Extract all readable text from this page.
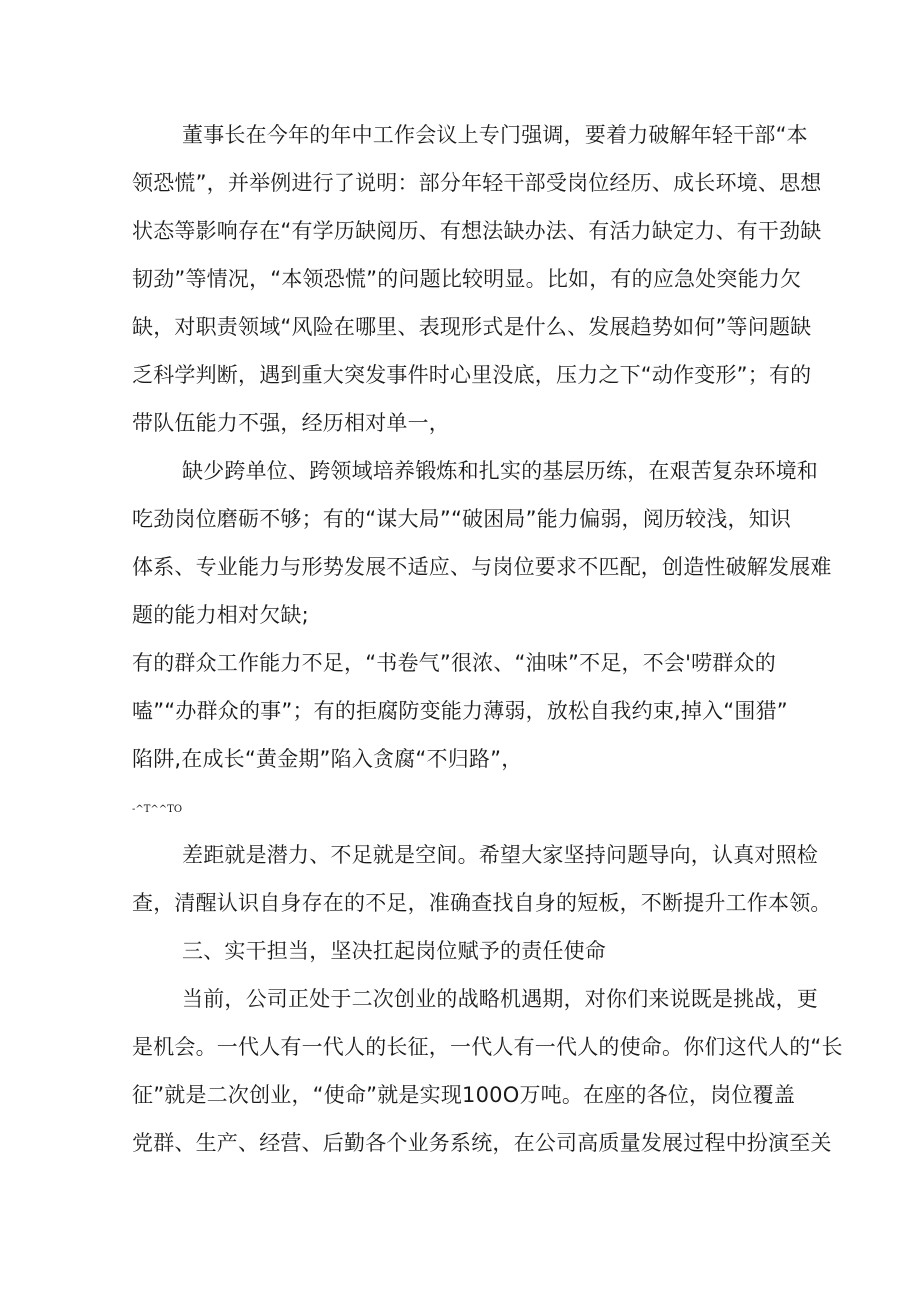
董事长在今年的年中工作会议上专门强调，要着力破解年轻干部“本
领恐慌”，并举例进行了说明：部分年轻干部受岗位经历、成长环境、思想
状态等影响存在“有学历缺阅历、有想法缺办法、有活力缺定力、有干劲缺
韧劲”等情况，“本领恐慌”的问题比较明显。比如，有的应急处突能力欠
缺，对职责领域“风险在哪里、表现形式是什么、发展趋势如何”等问题缺
乏科学判断，遇到重大突发事件时心里没底，压力之下“动作变形”；有的
带队伍能力不强，经历相对单一，
缺少跨单位、跨领域培养锻炼和扎实的基层历练，在艰苦复杂环境和
吃劲岗位磨砺不够；有的“谋大局”“破困局”能力偏弱，阅历较浅，知识
体系、专业能力与形势发展不适应、与岗位要求不匹配，创造性破解发展难
题的能力相对欠缺;
有的群众工作能力不足，“书卷气”很浓、“油味”不足，不会'唠群众的
嗑”“办群众的事”；有的拒腐防变能力薄弱，放松自我约束,掉入“围猎”
陷阱,在成长“黄金期”陷入贪腐“不归路”，
-^T^^TO
差距就是潜力、不足就是空间。希望大家坚持问题导向，认真对照检
查，清醒认识自身存在的不足，准确查找自身的短板，不断提升工作本领。
三、实干担当，坚决扛起岗位赋予的责任使命
当前，公司正处于二次创业的战略机遇期，对你们来说既是挑战，更
是机会。一代人有一代人的长征，一代人有一代人的使命。你们这代人的“长
征”就是二次创业，“使命”就是实现100O万吨。在座的各位，岗位覆盖
党群、生产、经营、后勤各个业务系统，在公司高质量发展过程中扮演至关
